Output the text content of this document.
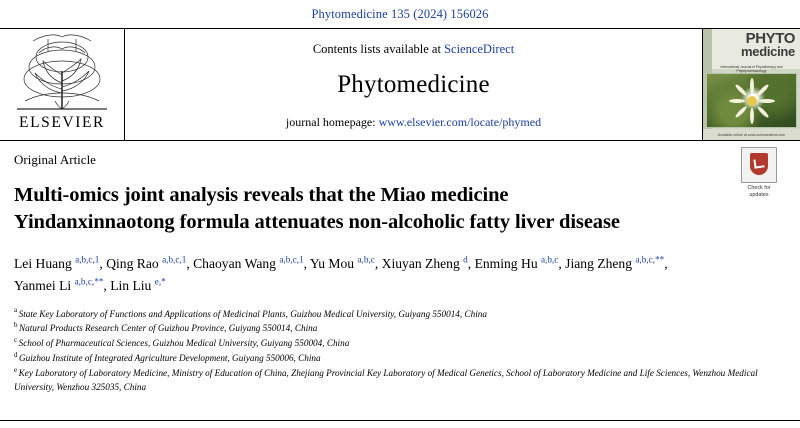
Phytomedicine 135 (2024) 156026
ELSEVIER
Contents lists available at ScienceDirect
Phytomedicine
journal homepage: www.elsevier.com/locate/phymed
PHYTO
medicine
International Journal of Phytotherapy and Phytopharmacology
Available online at www.sciencedirect.com
Check for
updates
Original Article
Multi-omics joint analysis reveals that the Miao medicine Yindanxinnaotong formula attenuates non-alcoholic fatty liver disease
Lei Huang $^{a,b,c,1}$, Qing Rao $^{a,b,c,1}$, Chaoyan Wang $^{a,b,c,1}$, Yu Mou $^{a,b,c}$, Xiuyan Zheng $^d$, Enming Hu $^{a,b,c}$, Jiang Zheng $^{a,b,c,**}$, Yanmei Li $^{a,b,c,**}$, Lin Liu $^{e,*}$
$^a$ State Key Laboratory of Functions and Applications of Medicinal Plants, Guizhou Medical University, Guiyang 550014, China
$^b$ Natural Products Research Center of Guizhou Province, Guiyang 550014, China
$^c$ School of Pharmaceutical Sciences, Guizhou Medical University, Guiyang 550004, China
$^d$ Guizhou Institute of Integrated Agriculture Development, Guiyang 550006, China
$^e$ Key Laboratory of Laboratory Medicine, Ministry of Education of China, Zhejiang Provincial Key Laboratory of Medical Genetics, School of Laboratory Medicine and Life Sciences, Wenzhou Medical University, Wenzhou 325035, China
